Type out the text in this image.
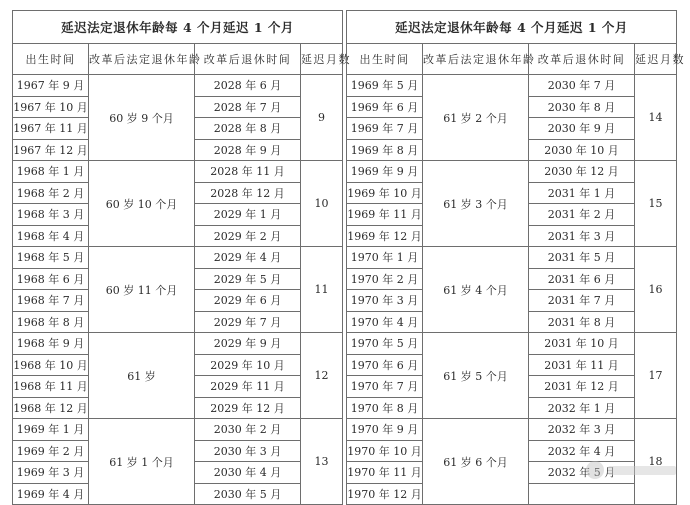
延迟法定退休年龄每 4 个月延迟 1 个月			
出生时间	改革后法定退休年龄	改革后退休时间	延迟月数
1967 年 9 月	60 岁 9 个月	2028 年 6 月	9
1967 年 10 月		2028 年 7 月	
1967 年 11 月		2028 年 8 月	
1967 年 12 月		2028 年 9 月	
1968 年 1 月	60 岁 10 个月	2028 年 11 月	10
1968 年 2 月		2028 年 12 月	
1968 年 3 月		2029 年 1 月	
1968 年 4 月		2029 年 2 月	
1968 年 5 月	60 岁 11 个月	2029 年 4 月	11
1968 年 6 月		2029 年 5 月	
1968 年 7 月		2029 年 6 月	
1968 年 8 月		2029 年 7 月	
1968 年 9 月	61 岁	2029 年 9 月	12
1968 年 10 月		2029 年 10 月	
1968 年 11 月		2029 年 11 月	
1968 年 12 月		2029 年 12 月	
1969 年 1 月	61 岁 1 个月	2030 年 2 月	13
1969 年 2 月		2030 年 3 月	
1969 年 3 月		2030 年 4 月	
1969 年 4 月		2030 年 5 月	
延迟法定退休年龄每 4 个月延迟 1 个月			
出生时间	改革后法定退休年龄	改革后退休时间	延迟月数
1969 年 5 月	61 岁 2 个月	2030 年 7 月	14
1969 年 6 月		2030 年 8 月	
1969 年 7 月		2030 年 9 月	
1969 年 8 月		2030 年 10 月	
1969 年 9 月	61 岁 3 个月	2030 年 12 月	15
1969 年 10 月		2031 年 1 月	
1969 年 11 月		2031 年 2 月	
1969 年 12 月		2031 年 3 月	
1970 年 1 月	61 岁 4 个月	2031 年 5 月	16
1970 年 2 月		2031 年 6 月	
1970 年 3 月		2031 年 7 月	
1970 年 4 月		2031 年 8 月	
1970 年 5 月	61 岁 5 个月	2031 年 10 月	17
1970 年 6 月		2031 年 11 月	
1970 年 7 月		2031 年 12 月	
1970 年 8 月		2032 年 1 月	
1970 年 9 月	61 岁 6 个月	2032 年 3 月	18
1970 年 10 月		2032 年 4 月	
1970 年 11 月		2032 年 5 月	
1970 年 12 月			
